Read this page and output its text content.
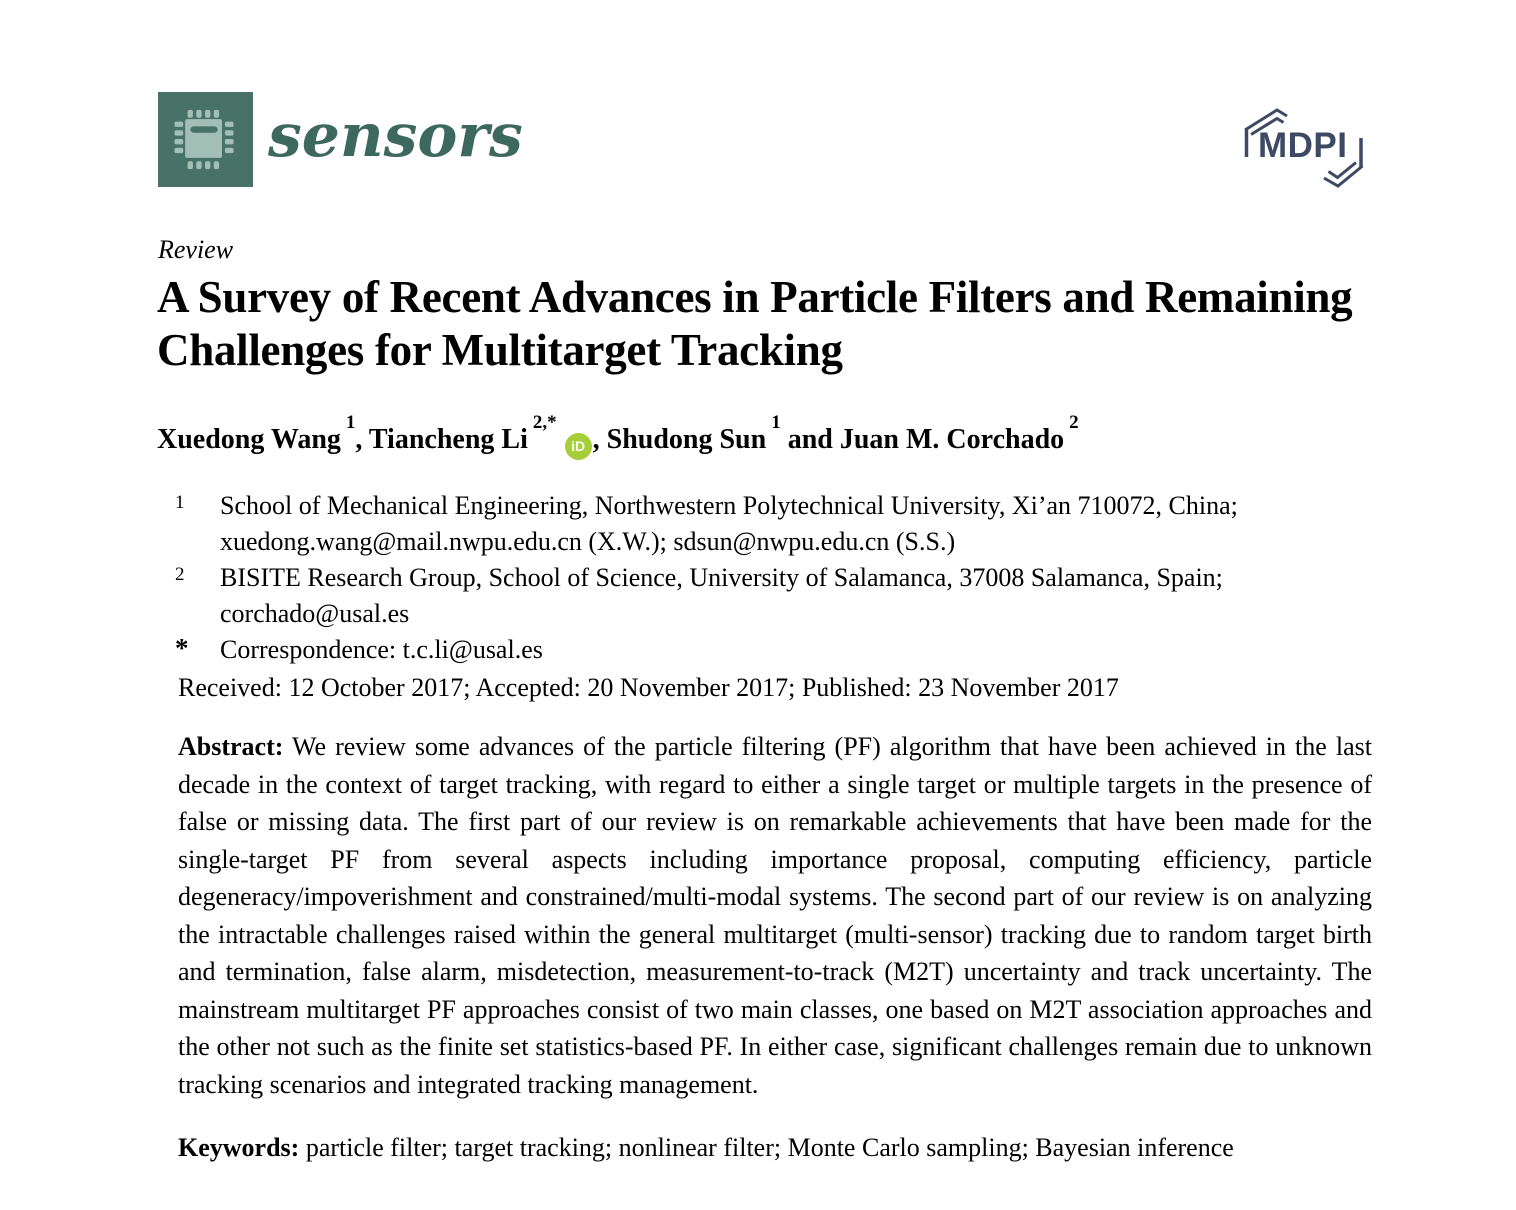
sensors	MDPI
Review
A Survey of Recent Advances in Particle Filters and Remaining Challenges for Multitarget Tracking
Xuedong Wang$^1$, Tiancheng $Li^{2,*}iD$ , Shudong Sun$^1$ and Juan M. Corchado$^2$
1	School of Mechanical Engineering, Northwestern Polytechnical University, Xi’an 710072, China;
xuedong.wang@mail.nwpu.edu.cn (X.W.); sdsun@nwpu.edu.cn (S.S.)
2	BISITE Research Group, School of Science, University of Salamanca, 37008 Salamanca, Spain;
corchado@usal.es
*	Correspondence: t.c.li@usal.es
Received: 12 October 2017; Accepted: 20 November 2017; Published: 23 November 2017

Abstract: We review some advances of the particle filtering (PF) algorithm that have been achieved in the last decade in the context of target tracking, with regard to either a single target or multiple targets in the presence of false or missing data. The first part of our review is on remarkable achievements that have been made for the single-target PF from several aspects including importance proposal, computing efficiency, particle degeneracy/impoverishment and constrained/multi-modal systems. The second part of our review is on analyzing the intractable challenges raised within the general multitarget (multi-sensor) tracking due to random target birth and termination, false alarm, misdetection, measurement-to-track (M2T) uncertainty and track uncertainty. The mainstream multitarget PF approaches consist of two main classes, one based on M2T association approaches and the other not such as the finite set statistics-based PF. In either case, significant challenges remain due to unknown tracking scenarios and integrated tracking management.

Keywords: particle filter; target tracking; nonlinear filter; Monte Carlo sampling; Bayesian inference
